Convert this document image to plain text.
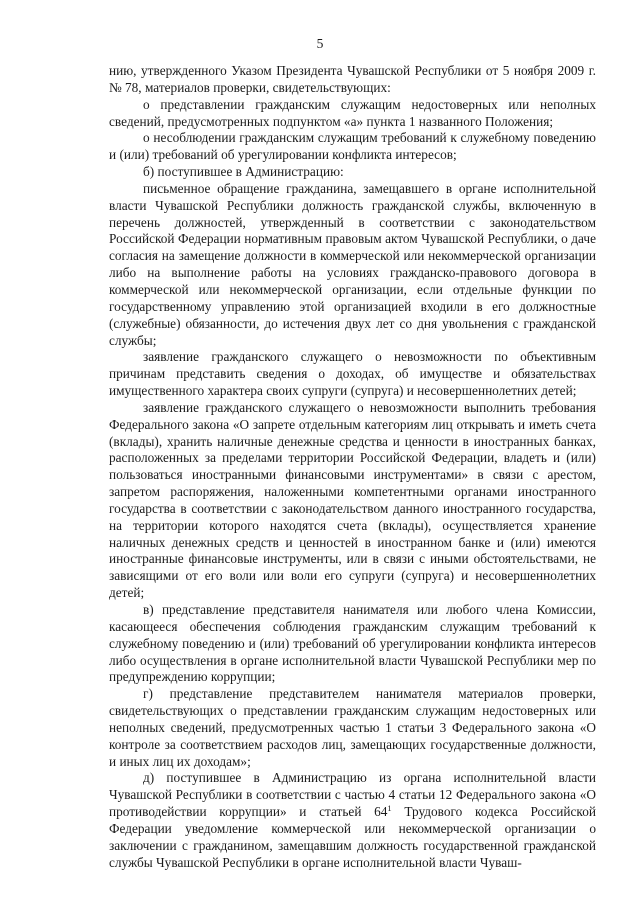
5

нию, утвержденного Указом Президента Чувашской Республики от 5 ноября 2009 г. № 78, материалов проверки, свидетельствующих:

о представлении гражданским служащим недостоверных или неполных сведений, предусмотренных подпунктом «а» пункта 1 названного Положения;

о несоблюдении гражданским служащим требований к служебному поведению и (или) требований об урегулировании конфликта интересов;

б) поступившее в Администрацию:

письменное обращение гражданина, замещавшего в органе исполнительной власти Чувашской Республики должность гражданской службы, включенную в перечень должностей, утвержденный в соответствии с законодательством Российской Федерации нормативным правовым актом Чувашской Республики, о даче согласия на замещение должности в коммерческой или некоммерческой организации либо на выполнение работы на условиях гражданско-правового договора в коммерческой или некоммерческой организации, если отдельные функции по государственному управлению этой организацией входили в его должностные (служебные) обязанности, до истечения двух лет со дня увольнения с гражданской службы;

заявление гражданского служащего о невозможности по объективным причинам представить сведения о доходах, об имуществе и обязательствах имущественного характера своих супруги (супруга) и несовершеннолетних детей;

заявление гражданского служащего о невозможности выполнить требования Федерального закона «О запрете отдельным категориям лиц открывать и иметь счета (вклады), хранить наличные денежные средства и ценности в иностранных банках, расположенных за пределами территории Российской Федерации, владеть и (или) пользоваться иностранными финансовыми инструментами» в связи с арестом, запретом распоряжения, наложенными компетентными органами иностранного государства в соответствии с законодательством данного иностранного государства, на территории которого находятся счета (вклады), осуществляется хранение наличных денежных средств и ценностей в иностранном банке и (или) имеются иностранные финансовые инструменты, или в связи с иными обстоятельствами, не зависящими от его воли или воли его супруги (супруга) и несовершеннолетних детей;

в) представление представителя нанимателя или любого члена Комиссии, касающееся обеспечения соблюдения гражданским служащим требований к служебному поведению и (или) требований об урегулировании конфликта интересов либо осуществления в органе исполнительной власти Чувашской Республики мер по предупреждению коррупции;

г) представление представителем нанимателя материалов проверки, свидетельствующих о представлении гражданским служащим недостоверных или неполных сведений, предусмотренных частью 1 статьи 3 Федерального закона «О контроле за соответствием расходов лиц, замещающих государственные должности, и иных лиц их доходам»;

д) поступившее в Администрацию из органа исполнительной власти Чувашской Республики в соответствии с частью 4 статьи 12 Федерального закона «О противодействии коррупции» и статьей $64^1$ Трудового кодекса Российской Федерации уведомление коммерческой или некоммерческой организации о заключении с гражданином, замещавшим должность государственной гражданской службы Чувашской Республики в органе исполнительной власти Чуваш-
